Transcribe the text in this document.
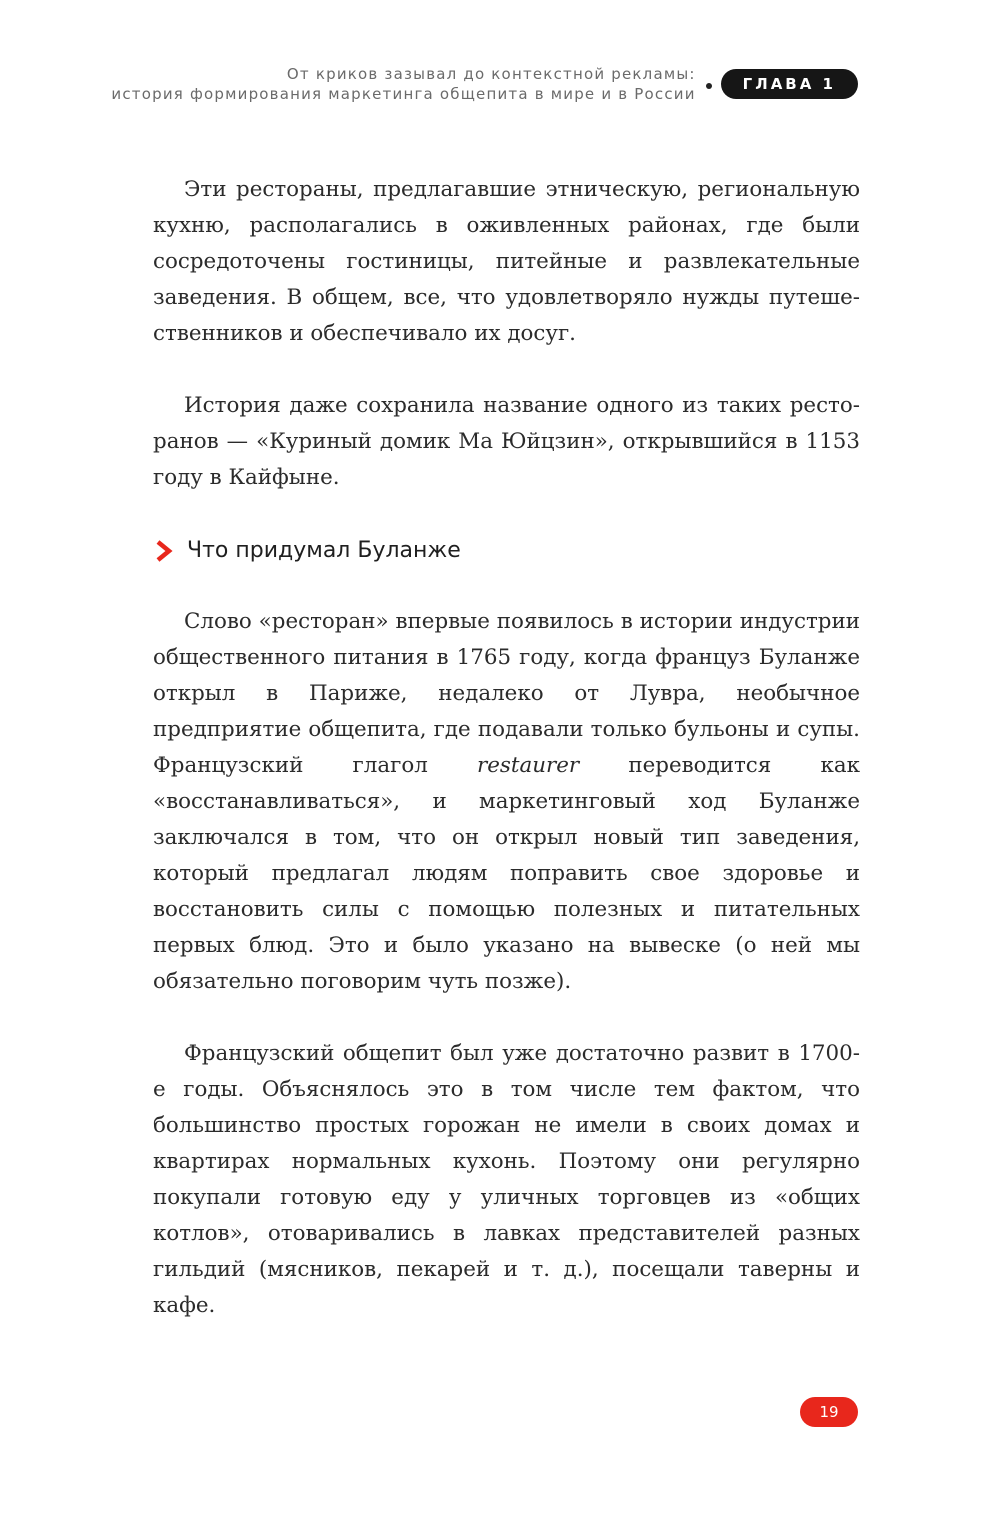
От криков зазывал до контекстной рекламы:
история формирования маркетинга общепита в мире и в России
ГЛАВА 1

Эти рестораны, предлагавшие этническую, региональную кухню, располагались в оживленных районах, где были сосредоточены гостиницы, питейные и развлекательные заведения. В общем, все, что удовлетворяло нужды путешественников и обеспечивало их досуг.

История даже сохранила название одного из таких ресторанов — «Куриный домик Ма Юйцзин», открывшийся в 1153 году в Кайфыне.

Что придумал Буланже

Слово «ресторан» впервые появилось в истории индустрии общественного питания в 1765 году, когда француз Буланже открыл в Париже, недалеко от Лувра, необычное предприятие общепита, где подавали только бульоны и супы. Французский глагол restaurer переводится как «восстанавливаться», и маркетинговый ход Буланже заключался в том, что он открыл новый тип заведения, который предлагал людям поправить свое здоровье и восстановить силы с помощью полезных и питательных первых блюд. Это и было указано на вывеске (о ней мы обязательно поговорим чуть позже).

Французский общепит был уже достаточно развит в 1700-е годы. Объяснялось это в том числе тем фактом, что большинство простых горожан не имели в своих домах и квартирах нормальных кухонь. Поэтому они регулярно покупали готовую еду у уличных торговцев из «общих котлов», отоваривались в лавках представителей разных гильдий (мясников, пекарей и т. д.), посещали таверны и кафе.

19
